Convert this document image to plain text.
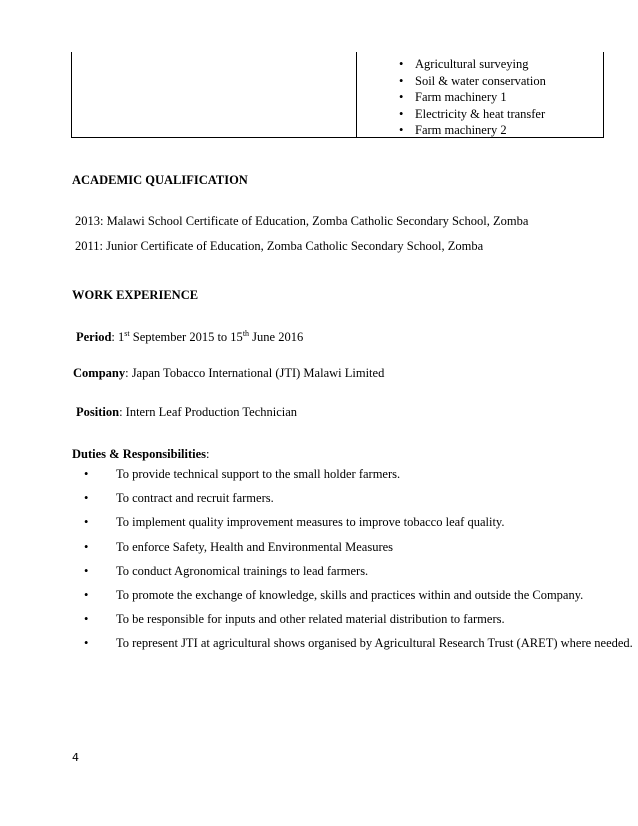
• Agricultural surveying
• Soil & water conservation
• Farm machinery 1
• Electricity & heat transfer
• Farm machinery 2
ACADEMIC QUALIFICATION
2013: Malawi School Certificate of Education, Zomba Catholic Secondary School, Zomba
2011: Junior Certificate of Education, Zomba Catholic Secondary School, Zomba
WORK EXPERIENCE
Period: 1st September 2015 to 15th June 2016
Company: Japan Tobacco International (JTI) Malawi Limited
Position: Intern Leaf Production Technician
Duties & Responsibilities:
• To provide technical support to the small holder farmers.
• To contract and recruit farmers.
• To implement quality improvement measures to improve tobacco leaf quality.
• To enforce Safety, Health and Environmental Measures
• To conduct Agronomical trainings to lead farmers.
• To promote the exchange of knowledge, skills and practices within and outside the Company.
• To be responsible for inputs and other related material distribution to farmers.
• To represent JTI at agricultural shows organised by Agricultural Research Trust (ARET) where needed.
4
